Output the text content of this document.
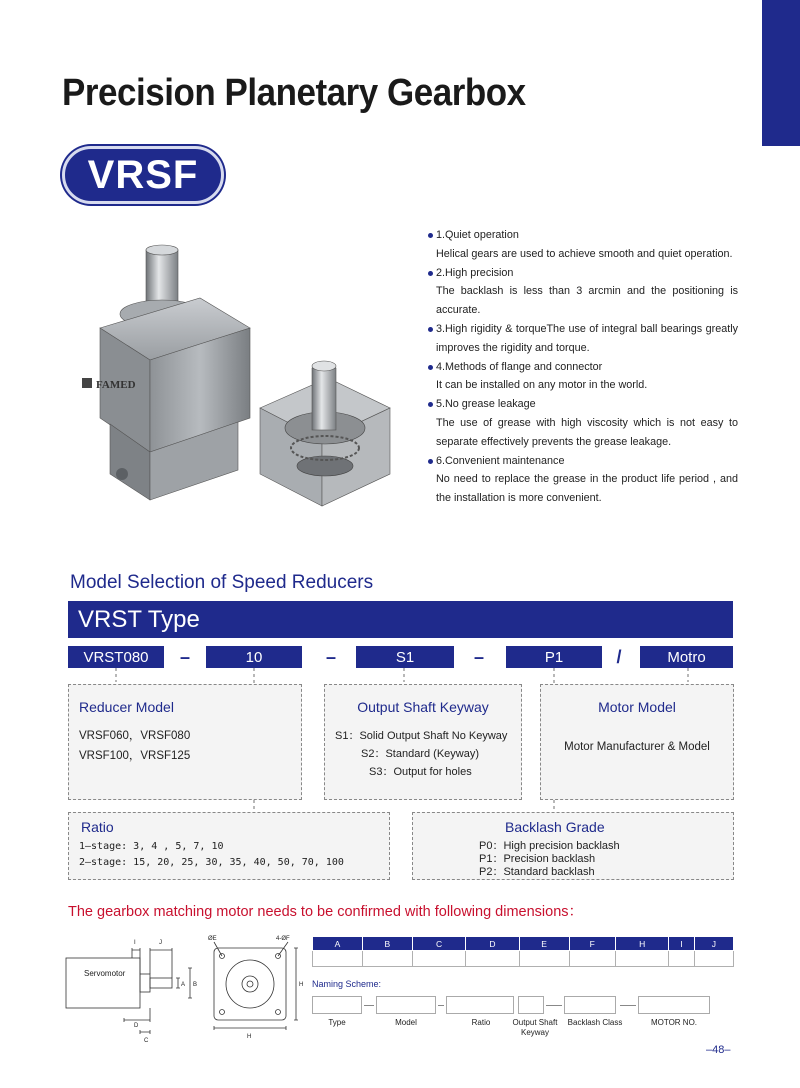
Precision Planetary Gearbox
VRSF
FAMED
1.Quiet operation
Helical gears are used to achieve smooth and quiet operation.
2.High precision
The backlash is less than 3 arcmin and the positioning is accurate.
3.High rigidity & torqueThe use of integral ball bearings greatly improves the rigidity and torque.
4.Methods of flange and connector
It can be installed on any motor in the world.
5.No grease leakage
The use of grease with high viscosity which is not easy to separate effectively prevents the grease leakage.
6.Convenient maintenance
No need to replace the grease in the product life period , and the installation is more convenient.
Model Selection of Speed Reducers
VRST Type
VRST080	–	10	–	S1	–	P1	/	Motro
Reducer Model
VRSF060，VRSF080
VRSF100，VRSF125
Output Shaft Keyway
S1：Solid Output Shaft No Keyway
S2：Standard (Keyway)
S3：Output for holes
Motor Model
Motor Manufacturer & Model
Ratio
1–stage: 3, 4 , 5, 7, 10
2–stage: 15, 20, 25, 30, 35, 40, 50, 70, 100
Backlash Grade
P0：High precision backlash
P1：Precision backlash
P2：Standard backlash
The gearbox matching motor needs to be confirmed with following dimensions：
Servomotor
I	J
D
C
A B
H
H
4-ØF
ØE	A	B	C	D	E	F	H	I	J

Naming Scheme:
Type	Model	Ratio	Output Shaft Keyway
Backlash Class	MOTOR NO.
–48–
